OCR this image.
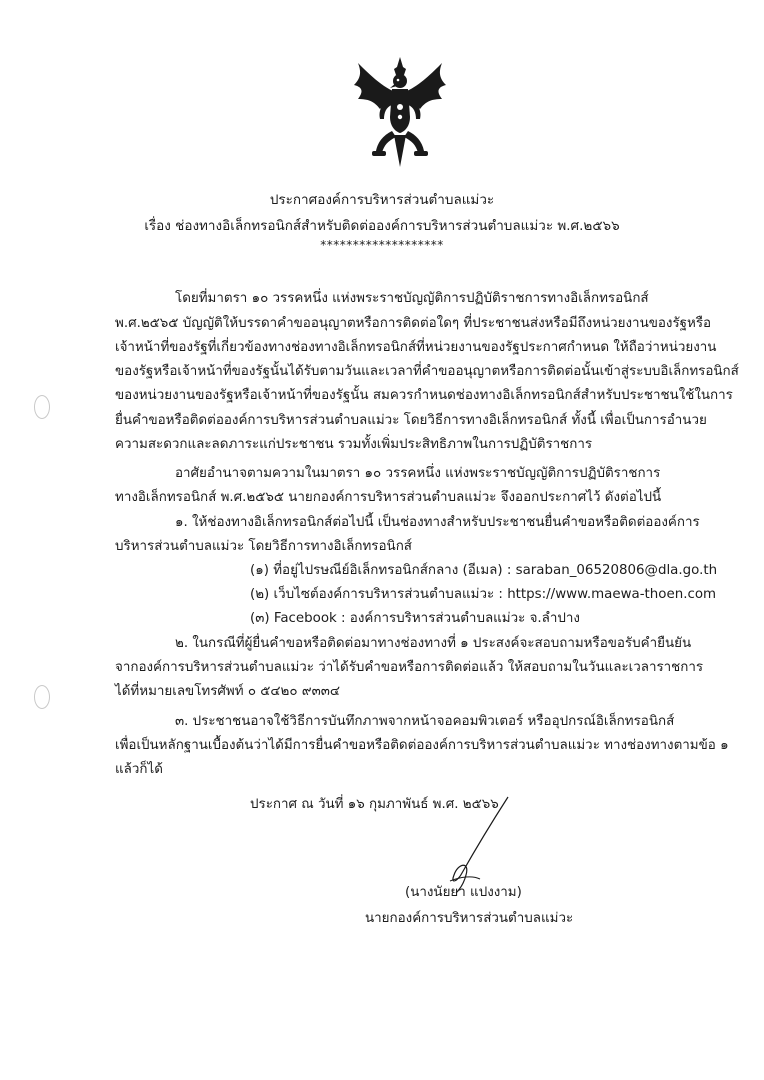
ประกาศองค์การบริหารส่วนตำบลแม่วะ
เรื่อง ช่องทางอิเล็กทรอนิกส์สำหรับติดต่อองค์การบริหารส่วนตำบลแม่วะ พ.ศ.๒๕๖๖
*******************
โดยที่มาตรา ๑๐ วรรคหนึ่ง แห่งพระราชบัญญัติการปฏิบัติราชการทางอิเล็กทรอนิกส์
พ.ศ.๒๕๖๕ บัญญัติให้บรรดาคำขออนุญาตหรือการติดต่อใดๆ ที่ประชาชนส่งหรือมีถึงหน่วยงานของรัฐหรือ
เจ้าหน้าที่ของรัฐที่เกี่ยวข้องทางช่องทางอิเล็กทรอนิกส์ที่หน่วยงานของรัฐประกาศกำหนด ให้ถือว่าหน่วยงาน
ของรัฐหรือเจ้าหน้าที่ของรัฐนั้นได้รับตามวันและเวลาที่คำขออนุญาตหรือการติดต่อนั้นเข้าสู่ระบบอิเล็กทรอนิกส์
ของหน่วยงานของรัฐหรือเจ้าหน้าที่ของรัฐนั้น สมควรกำหนดช่องทางอิเล็กทรอนิกส์สำหรับประชาชนใช้ในการ
ยื่นคำขอหรือติดต่อองค์การบริหารส่วนตำบลแม่วะ โดยวิธีการทางอิเล็กทรอนิกส์ ทั้งนี้ เพื่อเป็นการอำนวย
ความสะดวกและลดภาระแก่ประชาชน รวมทั้งเพิ่มประสิทธิภาพในการปฏิบัติราชการ
อาศัยอำนาจตามความในมาตรา ๑๐ วรรคหนึ่ง แห่งพระราชบัญญัติการปฏิบัติราชการ
ทางอิเล็กทรอนิกส์ พ.ศ.๒๕๖๕ นายกองค์การบริหารส่วนตำบลแม่วะ จึงออกประกาศไว้ ดังต่อไปนี้
๑. ให้ช่องทางอิเล็กทรอนิกส์ต่อไปนี้ เป็นช่องทางสำหรับประชาชนยื่นคำขอหรือติดต่อองค์การ
บริหารส่วนตำบลแม่วะ โดยวิธีการทางอิเล็กทรอนิกส์
(๑) ที่อยู่ไปรษณีย์อิเล็กทรอนิกส์กลาง (อีเมล) : saraban_06520806@dla.go.th
(๒) เว็บไซต์องค์การบริหารส่วนตำบลแม่วะ : https://www.maewa-thoen.com
(๓) Facebook : องค์การบริหารส่วนตำบลแม่วะ จ.ลำปาง
๒. ในกรณีที่ผู้ยื่นคำขอหรือติดต่อมาทางช่องทางที่ ๑ ประสงค์จะสอบถามหรือขอรับคำยืนยัน
จากองค์การบริหารส่วนตำบลแม่วะ ว่าได้รับคำขอหรือการติดต่อแล้ว ให้สอบถามในวันและเวลาราชการ
ได้ที่หมายเลขโทรศัพท์ ๐ ๕๔๒๐ ๙๓๓๔
๓. ประชาชนอาจใช้วิธีการบันทึกภาพจากหน้าจอคอมพิวเตอร์ หรืออุปกรณ์อิเล็กทรอนิกส์
เพื่อเป็นหลักฐานเบื้องต้นว่าได้มีการยื่นคำขอหรือติดต่อองค์การบริหารส่วนตำบลแม่วะ ทางช่องทางตามข้อ ๑
แล้วก็ได้
ประกาศ ณ วันที่ ๑๖ กุมภาพันธ์ พ.ศ. ๒๕๖๖
(นางนัยยา แปงงาม)
นายกองค์การบริหารส่วนตำบลแม่วะ
